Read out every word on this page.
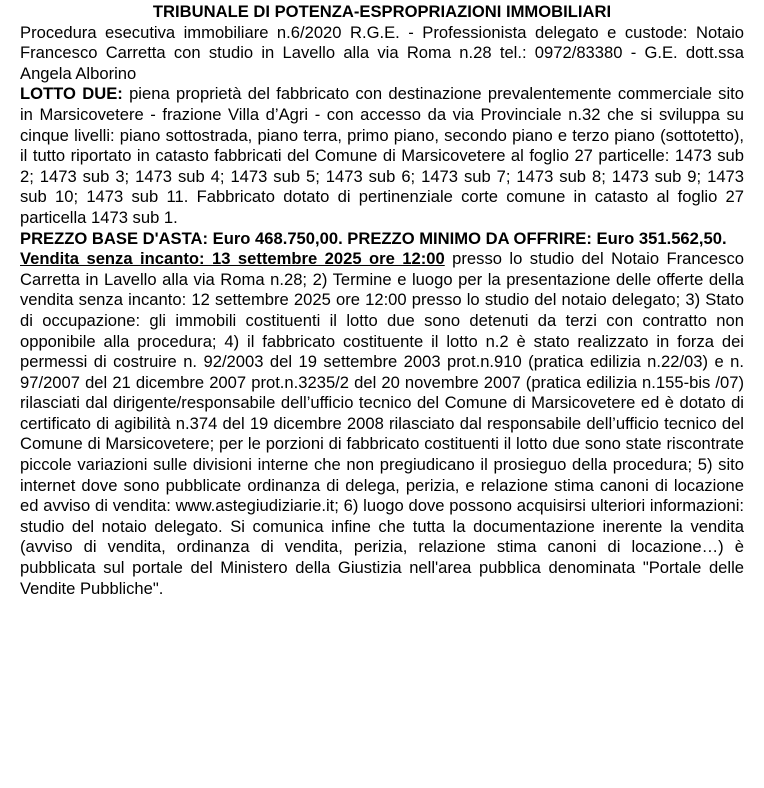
TRIBUNALE DI POTENZA-ESPROPRIAZIONI IMMOBILIARI

Procedura esecutiva immobiliare n.6/2020 R.G.E. - Professionista delegato e custode: Notaio Francesco Carretta con studio in Lavello alla via Roma n.28 tel.: 0972/83380 - G.E. dott.ssa Angela Alborino

LOTTO DUE: piena proprietà del fabbricato con destinazione prevalentemente commerciale sito in Marsicovetere - frazione Villa d’Agri - con accesso da via Provinciale n.32 che si sviluppa su cinque livelli: piano sottostrada, piano terra, primo piano, secondo piano e terzo piano (sottotetto), il tutto riportato in catasto fabbricati del Comune di Marsicovetere al foglio 27 particelle: 1473 sub 2; 1473 sub 3; 1473 sub 4; 1473 sub 5; 1473 sub 6; 1473 sub 7; 1473 sub 8; 1473 sub 9; 1473 sub 10; 1473 sub 11. Fabbricato dotato di pertinenziale corte comune in catasto al foglio 27 particella 1473 sub 1.

PREZZO BASE D'ASTA: Euro 468.750,00. PREZZO MINIMO DA OFFRIRE: Euro 351.562,50.

Vendita senza incanto: 13 settembre 2025 ore 12:00 presso lo studio del Notaio Francesco Carretta in Lavello alla via Roma n.28; 2) Termine e luogo per la presentazione delle offerte della vendita senza incanto: 12 settembre 2025 ore 12:00 presso lo studio del notaio delegato; 3) Stato di occupazione: gli immobili costituenti il lotto due sono detenuti da terzi con contratto non opponibile alla procedura; 4) il fabbricato costituente il lotto n.2 è stato realizzato in forza dei permessi di costruire n. 92/2003 del 19 settembre 2003 prot.n.910 (pratica edilizia n.22/03) e n. 97/2007 del 21 dicembre 2007 prot.n.3235/2 del 20 novembre 2007 (pratica edilizia n.155-bis /07) rilasciati dal dirigente/responsabile dell’ufficio tecnico del Comune di Marsicovetere ed è dotato di certificato di agibilità n.374 del 19 dicembre 2008 rilasciato dal responsabile dell’ufficio tecnico del Comune di Marsicovetere; per le porzioni di fabbricato costituenti il lotto due sono state riscontrate piccole variazioni sulle divisioni interne che non pregiudicano il prosieguo della procedura; 5) sito internet dove sono pubblicate ordinanza di delega, perizia, e relazione stima canoni di locazione ed avviso di vendita: www.astegiudiziarie.it; 6) luogo dove possono acquisirsi ulteriori informazioni: studio del notaio delegato. Si comunica infine che tutta la documentazione inerente la vendita (avviso di vendita, ordinanza di vendita, perizia, relazione stima canoni di locazione…) è pubblicata sul portale del Ministero della Giustizia nell'area pubblica denominata "Portale delle Vendite Pubbliche".
